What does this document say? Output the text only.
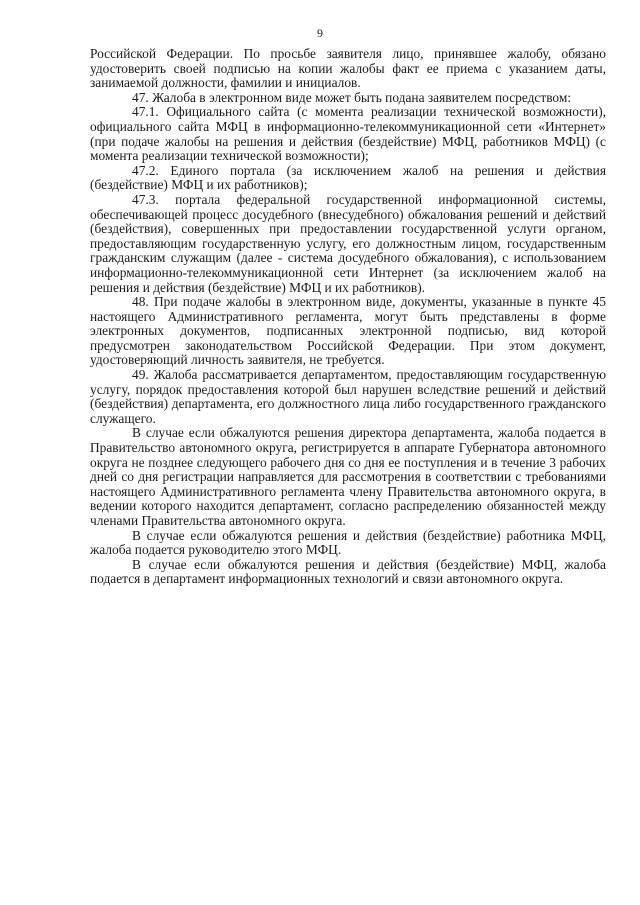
9

Российской Федерации. По просьбе заявителя лицо, принявшее жалобу, обязано удостоверить своей подписью на копии жалобы факт ее приема с указанием даты, занимаемой должности, фамилии и инициалов.

47. Жалоба в электронном виде может быть подана заявителем посредством:

47.1. Официального сайта (с момента реализации технической возможности), официального сайта МФЦ в информационно-телекоммуникационной сети «Интернет» (при подаче жалобы на решения и действия (бездействие) МФЦ, работников МФЦ) (с момента реализации технической возможности);

47.2. Единого портала (за исключением жалоб на решения и действия (бездействие) МФЦ и их работников);

47.3. портала федеральной государственной информационной системы, обеспечивающей процесс досудебного (внесудебного) обжалования решений и действий (бездействия), совершенных при предоставлении государственной услуги органом, предоставляющим государственную услугу, его должностным лицом, государственным гражданским служащим (далее - система досудебного обжалования), с использованием информационно-телекоммуникационной сети Интернет (за исключением жалоб на решения и действия (бездействие) МФЦ и их работников).

48. При подаче жалобы в электронном виде, документы, указанные в пункте 45 настоящего Административного регламента, могут быть представлены в форме электронных документов, подписанных электронной подписью, вид которой предусмотрен законодательством Российской Федерации. При этом документ, удостоверяющий личность заявителя, не требуется.

49. Жалоба рассматривается департаментом, предоставляющим государственную услугу, порядок предоставления которой был нарушен вследствие решений и действий (бездействия) департамента, его должностного лица либо государственного гражданского служащего.

В случае если обжалуются решения директора департамента, жалоба подается в Правительство автономного округа, регистрируется в аппарате Губернатора автономного округа не позднее следующего рабочего дня со дня ее поступления и в течение 3 рабочих дней со дня регистрации направляется для рассмотрения в соответствии с требованиями настоящего Административного регламента члену Правительства автономного округа, в ведении которого находится департамент, согласно распределению обязанностей между членами Правительства автономного округа.

В случае если обжалуются решения и действия (бездействие) работника МФЦ, жалоба подается руководителю этого МФЦ.

В случае если обжалуются решения и действия (бездействие) МФЦ, жалоба подается в департамент информационных технологий и связи автономного округа.
